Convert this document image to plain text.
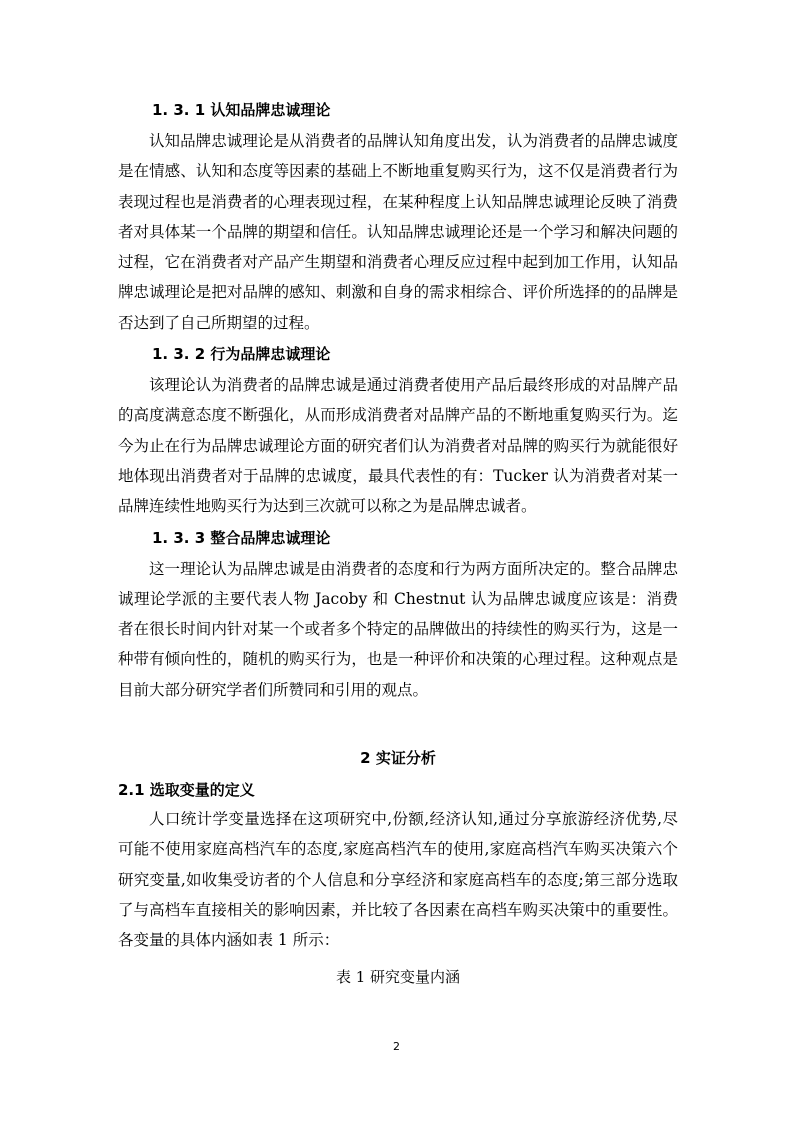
1. 3. 1 认知品牌忠诚理论

认知品牌忠诚理论是从消费者的品牌认知角度出发，认为消费者的品牌忠诚度是在情感、认知和态度等因素的基础上不断地重复购买行为，这不仅是消费者行为表现过程也是消费者的心理表现过程，在某种程度上认知品牌忠诚理论反映了消费者对具体某一个品牌的期望和信任。认知品牌忠诚理论还是一个学习和解决问题的过程，它在消费者对产品产生期望和消费者心理反应过程中起到加工作用，认知品牌忠诚理论是把对品牌的感知、刺激和自身的需求相综合、评价所选择的的品牌是否达到了自己所期望的过程。

1. 3. 2 行为品牌忠诚理论

该理论认为消费者的品牌忠诚是通过消费者使用产品后最终形成的对品牌产品的高度满意态度不断强化，从而形成消费者对品牌产品的不断地重复购买行为。迄今为止在行为品牌忠诚理论方面的研究者们认为消费者对品牌的购买行为就能很好地体现出消费者对于品牌的忠诚度，最具代表性的有：Tucker 认为消费者对某一品牌连续性地购买行为达到三次就可以称之为是品牌忠诚者。

1. 3. 3 整合品牌忠诚理论

这一理论认为品牌忠诚是由消费者的态度和行为两方面所决定的。整合品牌忠诚理论学派的主要代表人物 Jacoby 和 Chestnut 认为品牌忠诚度应该是：消费者在很长时间内针对某一个或者多个特定的品牌做出的持续性的购买行为，这是一种带有倾向性的，随机的购买行为，也是一种评价和决策的心理过程。这种观点是目前大部分研究学者们所赞同和引用的观点。

2 实证分析
2.1 选取变量的定义

人口统计学变量选择在这项研究中,份额,经济认知,通过分享旅游经济优势,尽可能不使用家庭高档汽车的态度,家庭高档汽车的使用,家庭高档汽车购买决策六个研究变量,如收集受访者的个人信息和分享经济和家庭高档车的态度;第三部分选取了与高档车直接相关的影响因素，并比较了各因素在高档车购买决策中的重要性。各变量的具体内涵如表 1 所示：

表 1 研究变量内涵
2
